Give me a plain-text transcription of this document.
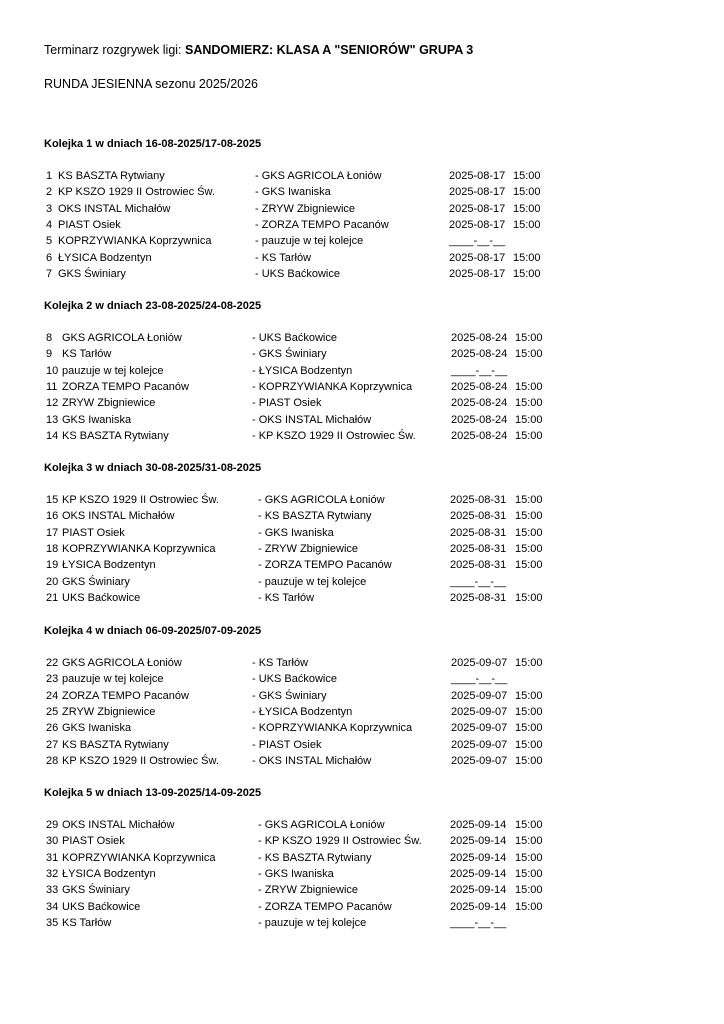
Terminarz rozgrywek ligi: SANDOMIERZ: KLASA A "SENIORÓW" GRUPA 3
RUNDA JESIENNA sezonu 2025/2026
Kolejka 1 w dniach 16-08-2025/17-08-2025
1 KS BASZTA Rytwiany	- GKS AGRICOLA Łoniów	2025-08-17 15:00
2 KP KSZO 1929 II Ostrowiec Św.	- GKS Iwaniska	2025-08-17 15:00
3 OKS INSTAL Michałów	- ZRYW Zbigniewice	2025-08-17 15:00
4 PIAST Osiek	- ZORZA TEMPO Pacanów	2025-08-17 15:00
5 KOPRZYWIANKA Koprzywnica	- pauzuje w tej kolejce	____-__-__
6 ŁYSICA Bodzentyn	- KS Tarłów	2025-08-17 15:00
7 GKS Świniary	- UKS Baćkowice	2025-08-17 15:00
Kolejka 2 w dniach 23-08-2025/24-08-2025
8 GKS AGRICOLA Łoniów	- UKS Baćkowice	2025-08-24 15:00
9 KS Tarłów	- GKS Świniary	2025-08-24 15:00
10 pauzuje w tej kolejce	- ŁYSICA Bodzentyn	____-__-__
11 ZORZA TEMPO Pacanów	- KOPRZYWIANKA Koprzywnica	2025-08-24 15:00
12 ZRYW Zbigniewice	- PIAST Osiek	2025-08-24 15:00
13 GKS Iwaniska	- OKS INSTAL Michałów	2025-08-24 15:00
14 KS BASZTA Rytwiany	- KP KSZO 1929 II Ostrowiec Św.	2025-08-24 15:00
Kolejka 3 w dniach 30-08-2025/31-08-2025
15 KP KSZO 1929 II Ostrowiec Św.	- GKS AGRICOLA Łoniów	2025-08-31 15:00
16 OKS INSTAL Michałów	- KS BASZTA Rytwiany	2025-08-31 15:00
17 PIAST Osiek	- GKS Iwaniska	2025-08-31 15:00
18 KOPRZYWIANKA Koprzywnica	- ZRYW Zbigniewice	2025-08-31 15:00
19 ŁYSICA Bodzentyn	- ZORZA TEMPO Pacanów	2025-08-31 15:00
20 GKS Świniary	- pauzuje w tej kolejce	____-__-__
21 UKS Baćkowice	- KS Tarłów	2025-08-31 15:00
Kolejka 4 w dniach 06-09-2025/07-09-2025
22 GKS AGRICOLA Łoniów	- KS Tarłów	2025-09-07 15:00
23 pauzuje w tej kolejce	- UKS Baćkowice	____-__-__
24 ZORZA TEMPO Pacanów	- GKS Świniary	2025-09-07 15:00
25 ZRYW Zbigniewice	- ŁYSICA Bodzentyn	2025-09-07 15:00
26 GKS Iwaniska	- KOPRZYWIANKA Koprzywnica	2025-09-07 15:00
27 KS BASZTA Rytwiany	- PIAST Osiek	2025-09-07 15:00
28 KP KSZO 1929 II Ostrowiec Św.	- OKS INSTAL Michałów	2025-09-07 15:00
Kolejka 5 w dniach 13-09-2025/14-09-2025
29 OKS INSTAL Michałów	- GKS AGRICOLA Łoniów	2025-09-14 15:00
30 PIAST Osiek	- KP KSZO 1929 II Ostrowiec Św.	2025-09-14 15:00
31 KOPRZYWIANKA Koprzywnica	- KS BASZTA Rytwiany	2025-09-14 15:00
32 ŁYSICA Bodzentyn	- GKS Iwaniska	2025-09-14 15:00
33 GKS Świniary	- ZRYW Zbigniewice	2025-09-14 15:00
34 UKS Baćkowice	- ZORZA TEMPO Pacanów	2025-09-14 15:00
35 KS Tarłów	- pauzuje w tej kolejce	____-__-__
